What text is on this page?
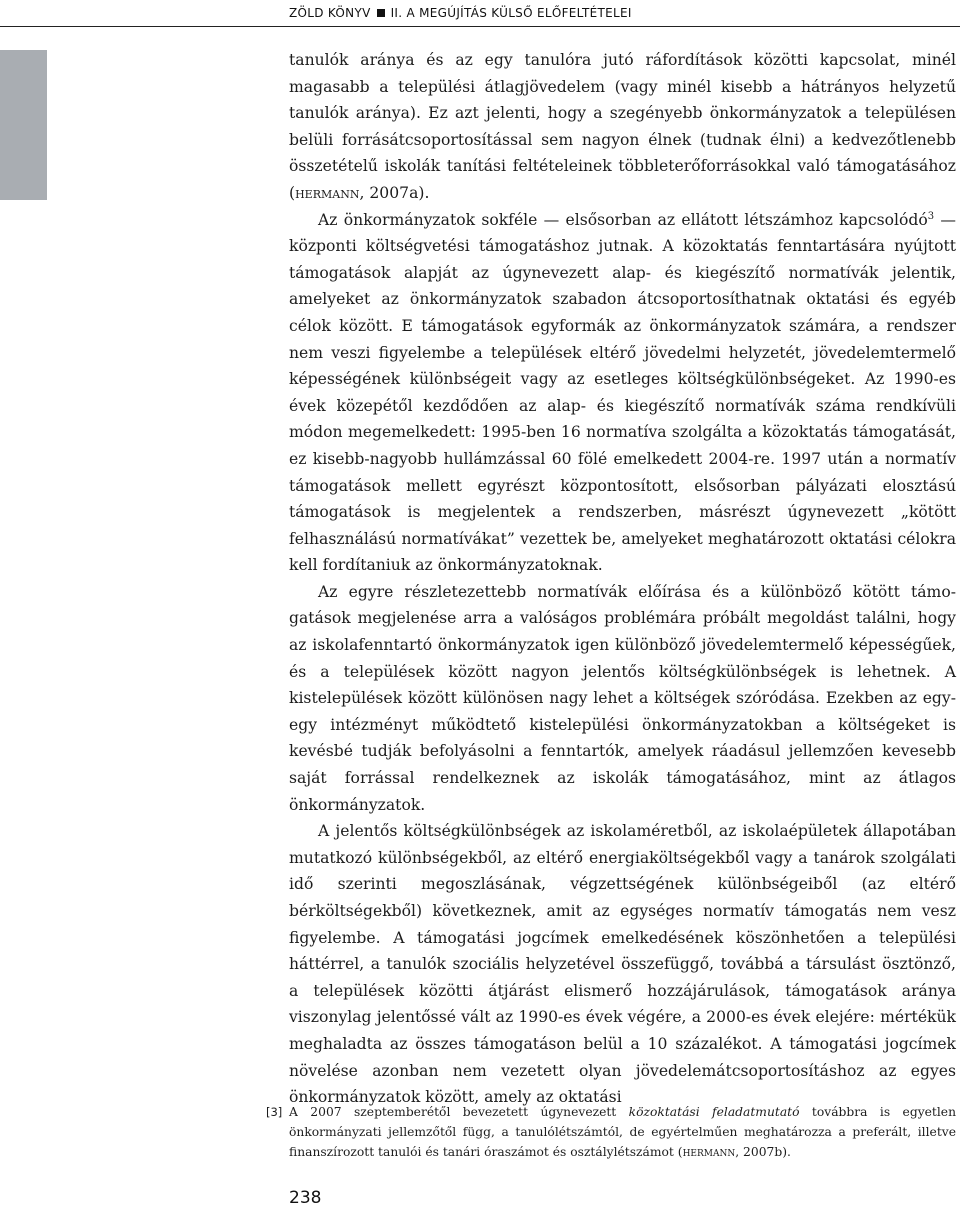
ZÖLD KÖNYV II. A MEGÚJÍTÁS KÜLSŐ ELŐFELTÉTELEI

tanulók aránya és az egy tanulóra jutó ráfordítások közötti kapcsolat, minél magasabb a települési átlagjövedelem (vagy minél kisebb a hátrányos helyzetű tanulók aránya). Ez azt jelenti, hogy a szegényebb önkormányzatok a településen belüli forrásátcsoportosítással sem nagyon élnek (tudnak élni) a kedvezőtlenebb összetételű iskolák tanítási feltételeinek többleterőforrásokkal való támogatásához (hermann, 2007a).

Az önkormányzatok sokféle — elsősorban az ellátott létszámhoz kapcsolódó$^3$ — központi költségvetési támogatáshoz jutnak. A közoktatás fenntartására nyújtott támogatások alapját az úgynevezett alap- és kiegészítő normatívák jelentik, amelyeket az önkormányzatok szabadon átcsoportosíthatnak oktatási és egyéb célok között. E támogatások egyformák az önkormányzatok számára, a rendszer nem veszi figyelembe a települések eltérő jövedelmi helyzetét, jövedelemtermelő képességének különbségeit vagy az esetleges költségkülönbségeket. Az 1990-es évek közepétől kezdődően az alap- és kiegészítő normatívák száma rendkívüli módon megemelkedett: 1995-ben 16 normatíva szolgálta a közoktatás támogatását, ez kisebb-nagyobb hullámzással 60 fölé emelkedett 2004-re. 1997 után a normatív támogatások mellett egyrészt központosított, elsősorban pályázati elosztású támogatások is megjelentek a rendszerben, másrészt úgynevezett „kötött felhasználású normatívákat” vezettek be, amelyeket meghatározott oktatási célokra kell fordítaniuk az önkormányzatoknak.

Az egyre részletezettebb normatívák előírása és a különböző kötött támogatások megjelenése arra a valóságos problémára próbált megoldást találni, hogy az iskolafenntartó önkormányzatok igen különböző jövedelemtermelő képességűek, és a települések között nagyon jelentős költségkülönbségek is lehetnek. A kistelepülések között különösen nagy lehet a költségek szóródása. Ezekben az egy-egy intézményt működtető kistelepülési önkormányzatokban a költségeket is kevésbé tudják befolyásolni a fenntartók, amelyek ráadásul jellemzően kevesebb saját forrással rendelkeznek az iskolák támogatásához, mint az átlagos önkormányzatok.

A jelentős költségkülönbségek az iskolaméretből, az iskolaépületek állapotában mutatkozó különbségekből, az eltérő energiaköltségekből vagy a tanárok szolgálati idő szerinti megoszlásának, végzettségének különbségeiből (az eltérő bérköltségekből) következnek, amit az egységes normatív támogatás nem vesz figyelembe. A támogatási jogcímek emelkedésének köszönhetően a települési háttérrel, a tanulók szociális helyzetével összefüggő, továbbá a társulást ösztönző, a települések közötti átjárást elismerő hozzájárulások, támogatások aránya viszonylag jelentőssé vált az 1990-es évek végére, a 2000-es évek elejére: mértékük meghaladta az összes támogatáson belül a 10 százalékot. A támogatási jogcímek növelése azonban nem vezetett olyan jövedelemátcsoportosításhoz az egyes önkormányzatok között, amely az oktatási

[3] A 2007 szeptemberétől bevezetett úgynevezett közoktatási feladatmutató továbbra is egyetlen önkormányzati jellemzőtől függ, a tanulólétszámtól, de egyértelműen meghatározza a preferált, illetve finanszírozott tanulói és tanári óraszámot és osztálylétszámot (hermann, 2007b).
238
